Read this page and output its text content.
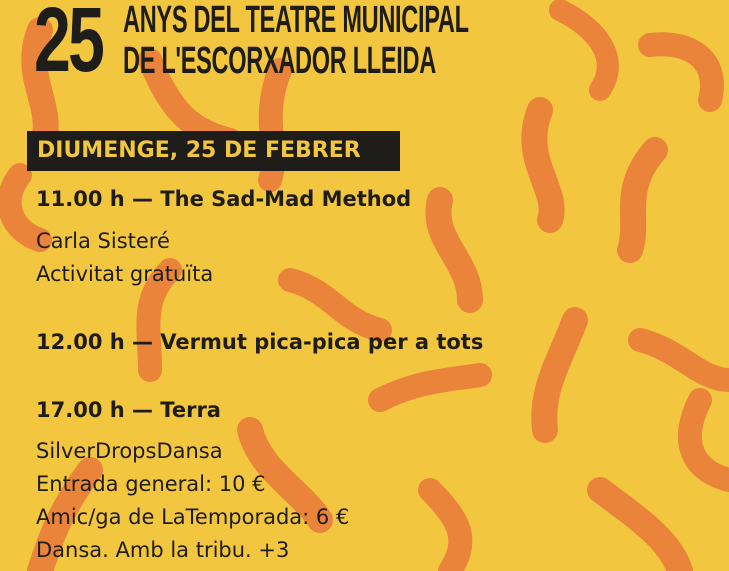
25 ANYS DEL TEATRE MUNICIPAL
DE L'ESCORXADOR LLEIDA
DIUMENGE, 25 DE FEBRER
11.00 h — The Sad-Mad Method
Carla Sisteré
Activitat gratuïta
12.00 h — Vermut pica-pica per a tots
17.00 h — Terra
SilverDropsDansa
Entrada general: 10 €
Amic/ga de LaTemporada: 6 €
Dansa. Amb la tribu. +3
